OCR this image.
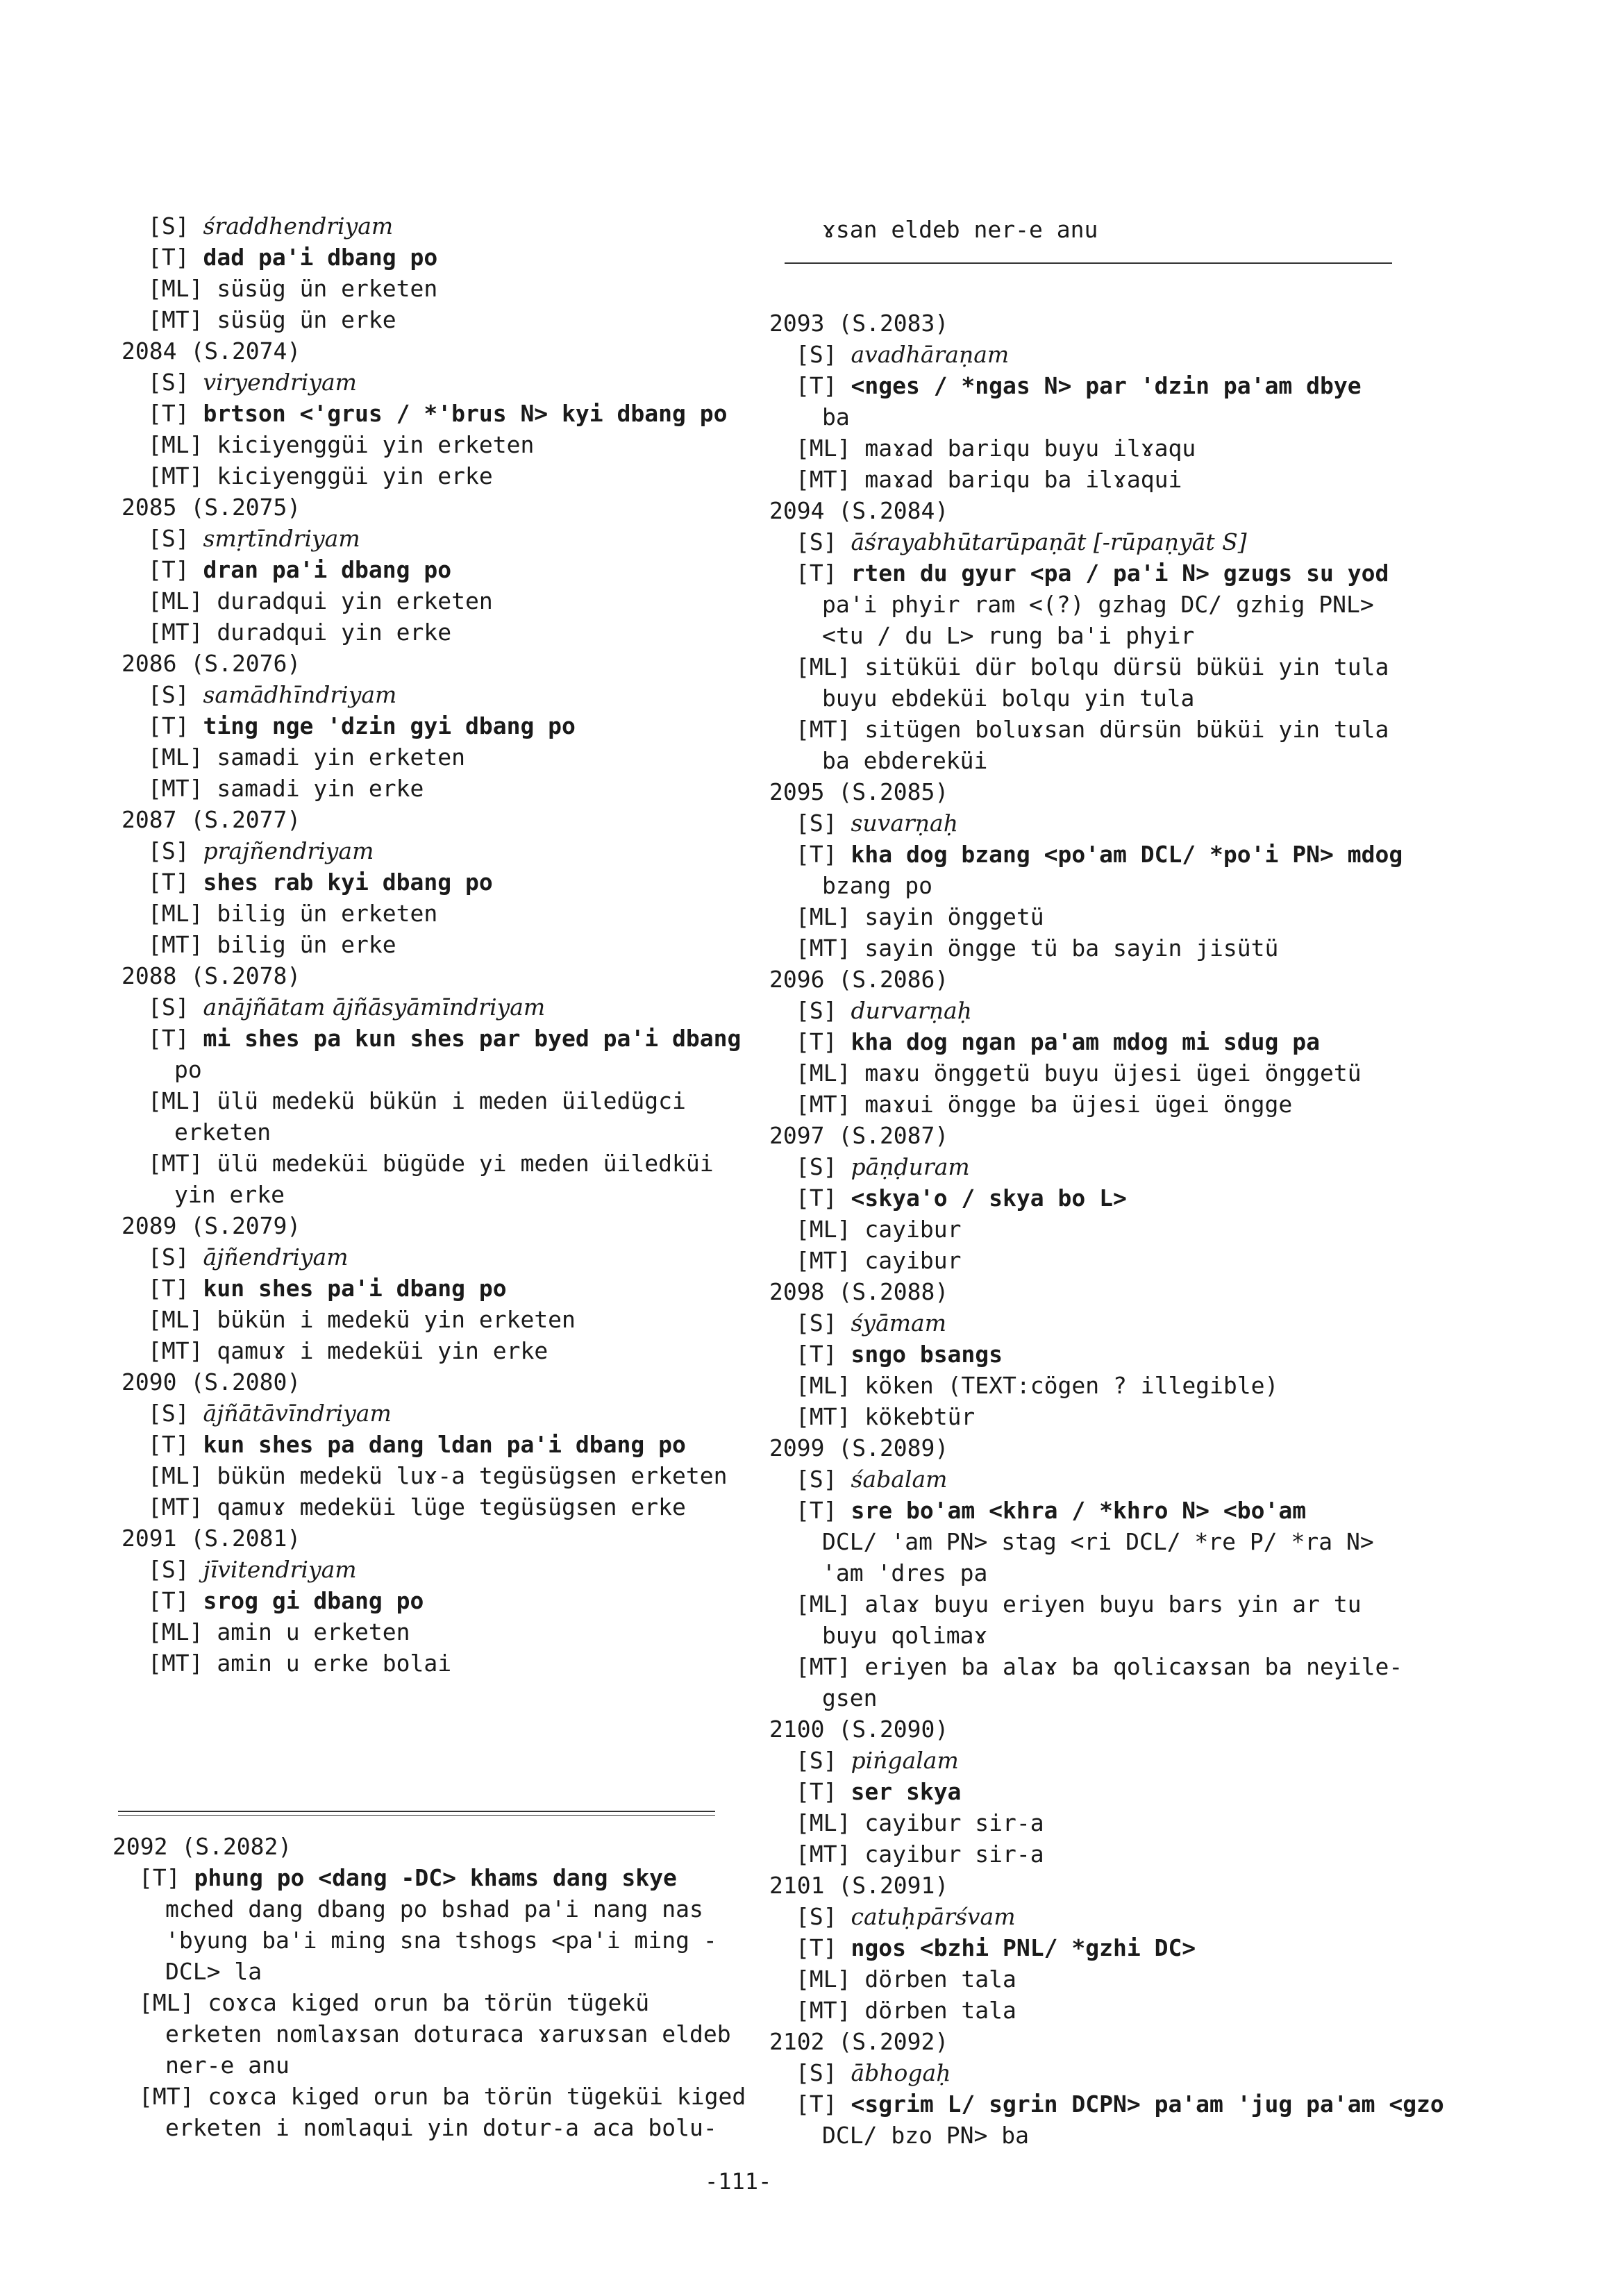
[S] śraddhendriyam
[T] dad pa'i dbang po
[ML] süsüg ün erketen
[MT] süsüg ün erke
2084 (S.2074)
[S] viryendriyam
[T] brtson <'grus / *'brus N> kyi dbang po
[ML] kiciyenggüi yin erketen
[MT] kiciyenggüi yin erke
2085 (S.2075)
[S] smṛtīndriyam
[T] dran pa'i dbang po
[ML] duradqui yin erketen
[MT] duradqui yin erke
2086 (S.2076)
[S] samādhīndriyam
[T] ting nge 'dzin gyi dbang po
[ML] samadi yin erketen
[MT] samadi yin erke
2087 (S.2077)
[S] prajñendriyam
[T] shes rab kyi dbang po
[ML] bilig ün erketen
[MT] bilig ün erke
2088 (S.2078)
[S] anājñātam ājñāsyāmīndriyam
[T] mi shes pa kun shes par byed pa'i dbang
po
[ML] ülü medekü bükün i meden üiledügci
erketen
[MT] ülü medeküi bügüde yi meden üiledküi
yin erke
2089 (S.2079)
[S] ājñendriyam
[T] kun shes pa'i dbang po
[ML] bükün i medekü yin erketen
[MT] qamuɤ i medeküi yin erke
2090 (S.2080)
[S] ājñātāvīndriyam
[T] kun shes pa dang ldan pa'i dbang po
[ML] bükün medekü luɤ-a tegüsügsen erketen
[MT] qamuɤ medeküi lüge tegüsügsen erke
2091 (S.2081)
[S] jīvitendriyam
[T] srog gi dbang po
[ML] amin u erketen
[MT] amin u erke bolai
2092 (S.2082)
[T] phung po <dang -DC> khams dang skye
mched dang dbang po bshad pa'i nang nas
'byung ba'i ming sna tshogs <pa'i ming -
DCL> la
[ML] coɤca kiged orun ba törün tügekü
erketen nomlaɤsan doturaca ɤaruɤsan eldeb
ner-e anu
[MT] coɤca kiged orun ba törün tügeküi kiged
erketen i nomlaqui yin dotur-a aca bolu-
ɤsan eldeb ner-e anu

2093 (S.2083)
[S] avadhāraṇam
[T] <nges / *ngas N> par 'dzin pa'am dbye
ba
[ML] maɤad bariqu buyu ilɤaqu
[MT] maɤad bariqu ba ilɤaqui
2094 (S.2084)
[S] āśrayabhūtarūpaṇāt [-rūpaṇyāt S]
[T] rten du gyur <pa / pa'i N> gzugs su yod
pa'i phyir ram <(?) gzhag DC/ gzhig PNL>
<tu / du L> rung ba'i phyir
[ML] sitüküi dür bolqu dürsü büküi yin tula
buyu ebdeküi bolqu yin tula
[MT] sitügen boluɤsan dürsün büküi yin tula
ba ebdereküi
2095 (S.2085)
[S] suvarṇaḥ
[T] kha dog bzang <po'am DCL/ *po'i PN> mdog
bzang po
[ML] sayin önggetü
[MT] sayin öngge tü ba sayin jisütü
2096 (S.2086)
[S] durvarṇaḥ
[T] kha dog ngan pa'am mdog mi sdug pa
[ML] maɤu önggetü buyu üjesi ügei önggetü
[MT] maɤui öngge ba üjesi ügei öngge
2097 (S.2087)
[S] pāṇḍuram
[T] <skya'o / skya bo L>
[ML] cayibur
[MT] cayibur
2098 (S.2088)
[S] śyāmam
[T] sngo bsangs
[ML] köken (TEXT:cögen ? illegible)
[MT] kökebtür
2099 (S.2089)
[S] śabalam
[T] sre bo'am <khra / *khro N> <bo'am
DCL/ 'am PN> stag <ri DCL/ *re P/ *ra N>
'am 'dres pa
[ML] alaɤ buyu eriyen buyu bars yin ar tu
buyu qolimaɤ
[MT] eriyen ba alaɤ ba qolicaɤsan ba neyile-
gsen
2100 (S.2090)
[S] piṅgalam
[T] ser skya
[ML] cayibur sir-a
[MT] cayibur sir-a
2101 (S.2091)
[S] catuḥpārśvam
[T] ngos <bzhi PNL/ *gzhi DC>
[ML] dörben tala
[MT] dörben tala
2102 (S.2092)
[S] ābhogaḥ
[T] <sgrim L/ sgrin DCPN> pa'am 'jug pa'am <gzo
DCL/ bzo PN> ba
-111-
